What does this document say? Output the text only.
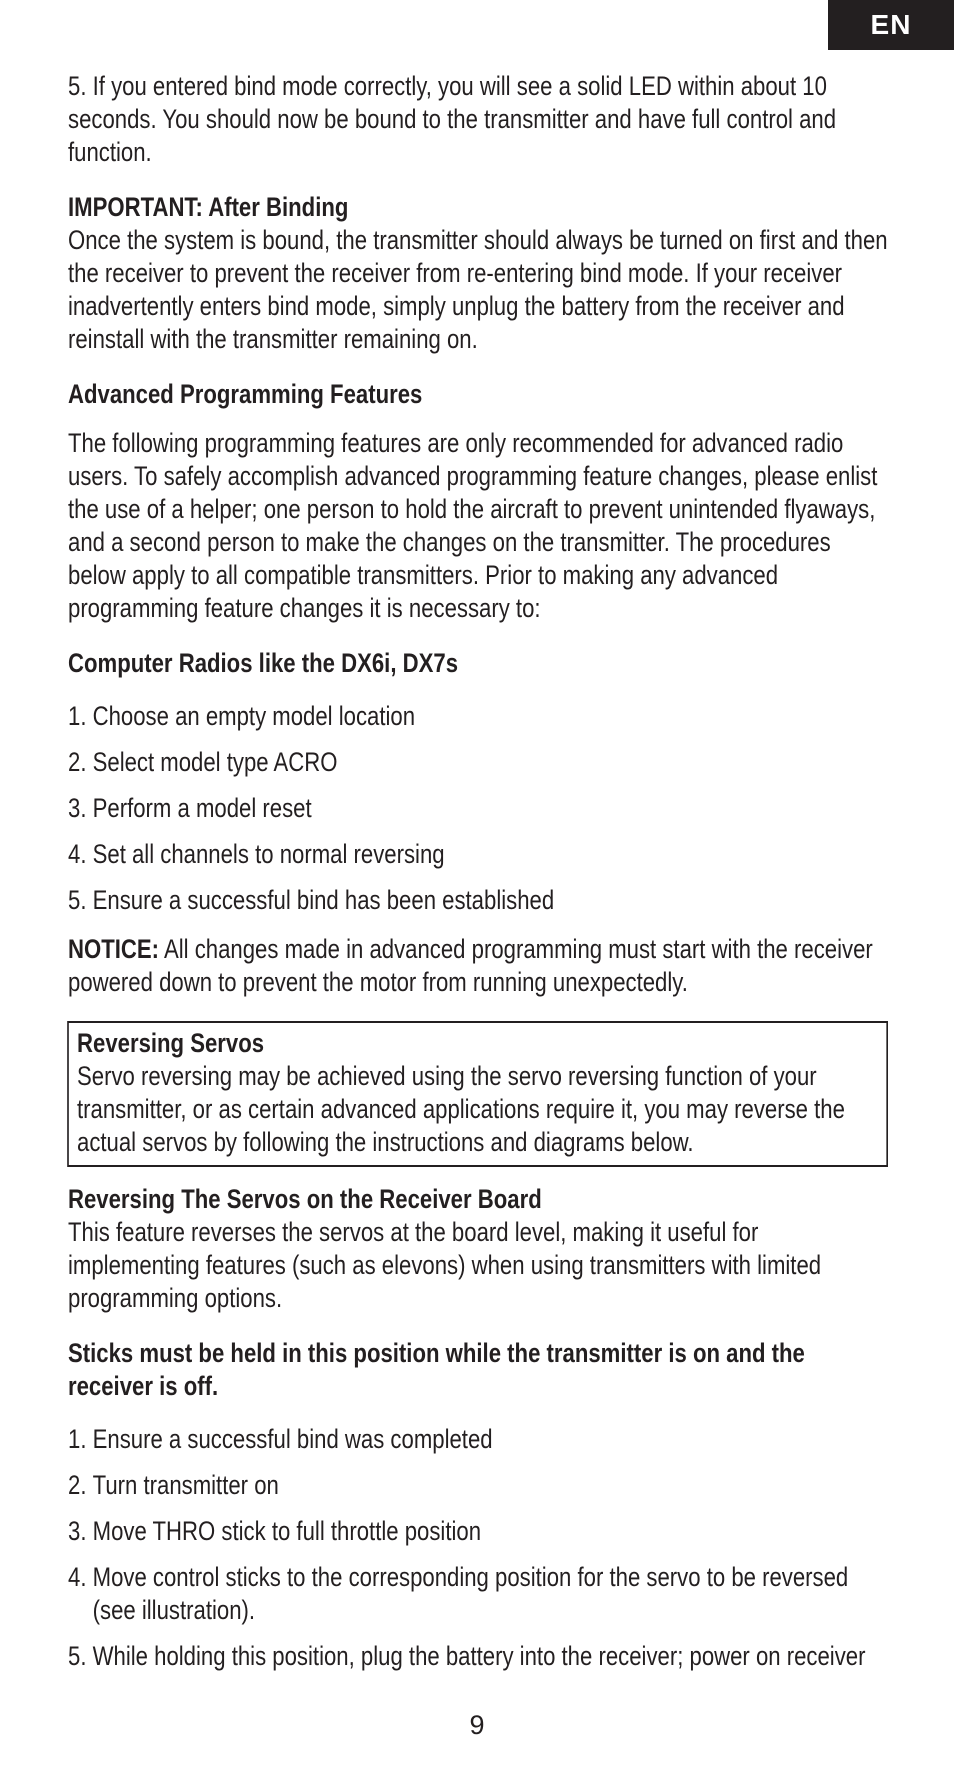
EN

5. If you entered bind mode correctly, you will see a solid LED within about 10 seconds. You should now be bound to the transmitter and have full control and function.

IMPORTANT: After Binding

Once the system is bound, the transmitter should always be turned on first and then the receiver to prevent the receiver from re-entering bind mode. If your receiver inadvertently enters bind mode, simply unplug the battery from the receiver and reinstall with the transmitter remaining on.

Advanced Programming Features

The following programming features are only recommended for advanced radio users. To safely accomplish advanced programming feature changes, please enlist the use of a helper; one person to hold the aircraft to prevent unintended flyaways, and a second person to make the changes on the transmitter. The procedures below apply to all compatible transmitters. Prior to making any advanced programming feature changes it is necessary to:

Computer Radios like the DX6i, DX7s
1. Choose an empty model location
2. Select model type ACRO
3. Perform a model reset
4. Set all channels to normal reversing
5. Ensure a successful bind has been established

NOTICE: All changes made in advanced programming must start with the receiver powered down to prevent the motor from running unexpectedly.

Reversing Servos

Servo reversing may be achieved using the servo reversing function of your transmitter, or as certain advanced applications require it, you may reverse the actual servos by following the instructions and diagrams below.

Reversing The Servos on the Receiver Board

This feature reverses the servos at the board level, making it useful for implementing features (such as elevons) when using transmitters with limited programming options.

Sticks must be held in this position while the transmitter is on and the receiver is off.
1. Ensure a successful bind was completed
2. Turn transmitter on
3. Move THRO stick to full throttle position
4. Move control sticks to the corresponding position for the servo to be reversed (see illustration).
5. While holding this position, plug the battery into the receiver; power on receiver
9
